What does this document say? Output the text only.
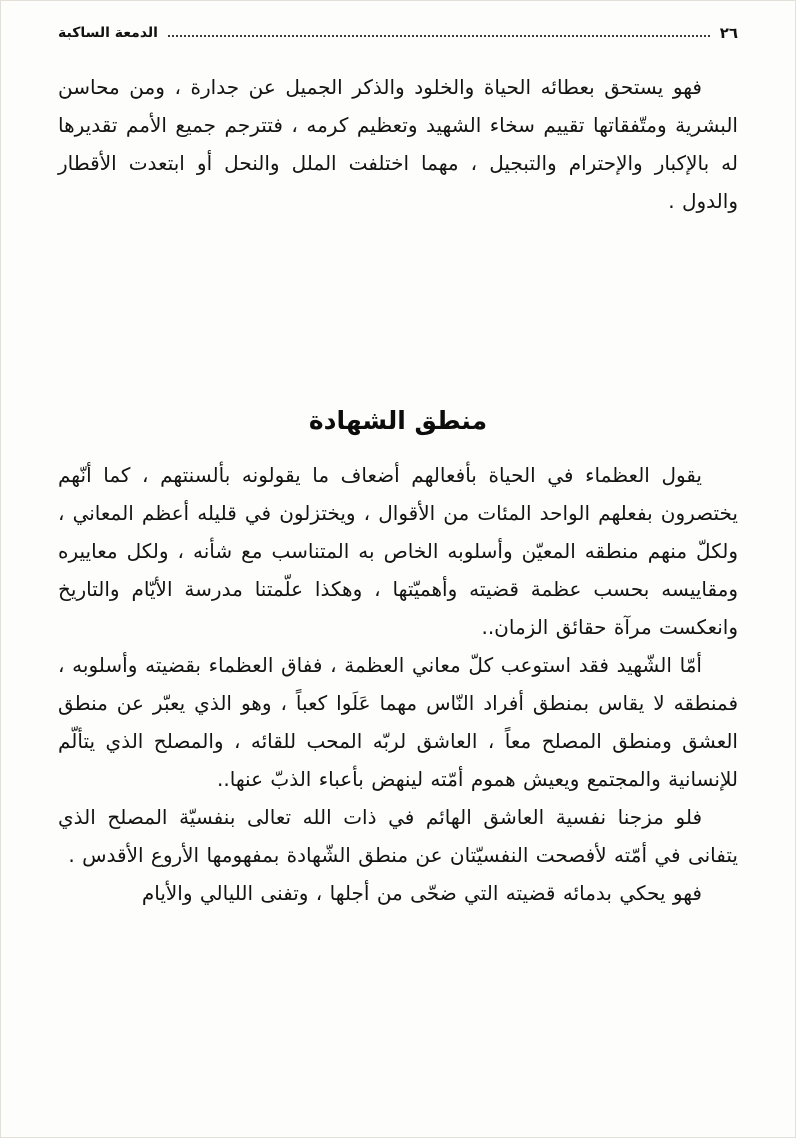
٢٦
الدمعة الساكبة

فهو يستحق بعطائه الحياة والخلود والذكر الجميل عن جدارة ، ومن محاسن البشرية ومتّفقاتها تقييم سخاء الشهيد وتعظيم كرمه ، فتترجم جميع الأمم تقديرها له بالإكبار والإحترام والتبجيل ، مهما اختلفت الملل والنحل أو ابتعدت الأقطار والدول .

منطق الشهادة

يقول العظماء في الحياة بأفعالهم أضعاف ما يقولونه بألسنتهم ، كما أنّهم يختصرون بفعلهم الواحد المئات من الأقوال ، ويختزلون في قليله أعظم المعاني ، ولكلّ منهم منطقه المعيّن وأسلوبه الخاص به المتناسب مع شأنه ، ولكل معاييره ومقاييسه بحسب عظمة قضيته وأهميّتها ، وهكذا علّمتنا مدرسة الأيّام والتاريخ وانعكست مرآة حقائق الزمان..

أمّا الشّهيد فقد استوعب كلّ معاني العظمة ، ففاق العظماء بقضيته وأسلوبه ، فمنطقه لا يقاس بمنطق أفراد النّاس مهما عَلَوا كعباً ، وهو الذي يعبّر عن منطق العشق ومنطق المصلح معاً ، العاشق لربّه المحب للقائه ، والمصلح الذي يتألّم للإنسانية والمجتمع ويعيش هموم أمّته لينهض بأعباء الذبّ عنها..

فلو مزجنا نفسية العاشق الهائم في ذات الله تعالى بنفسيّة المصلح الذي يتفانى في أمّته لأفصحت النفسيّتان عن منطق الشّهادة بمفهومها الأروع الأقدس .

فهو يحكي بدمائه قضيته التي ضحّى من أجلها ، وتفنى الليالي والأيام
